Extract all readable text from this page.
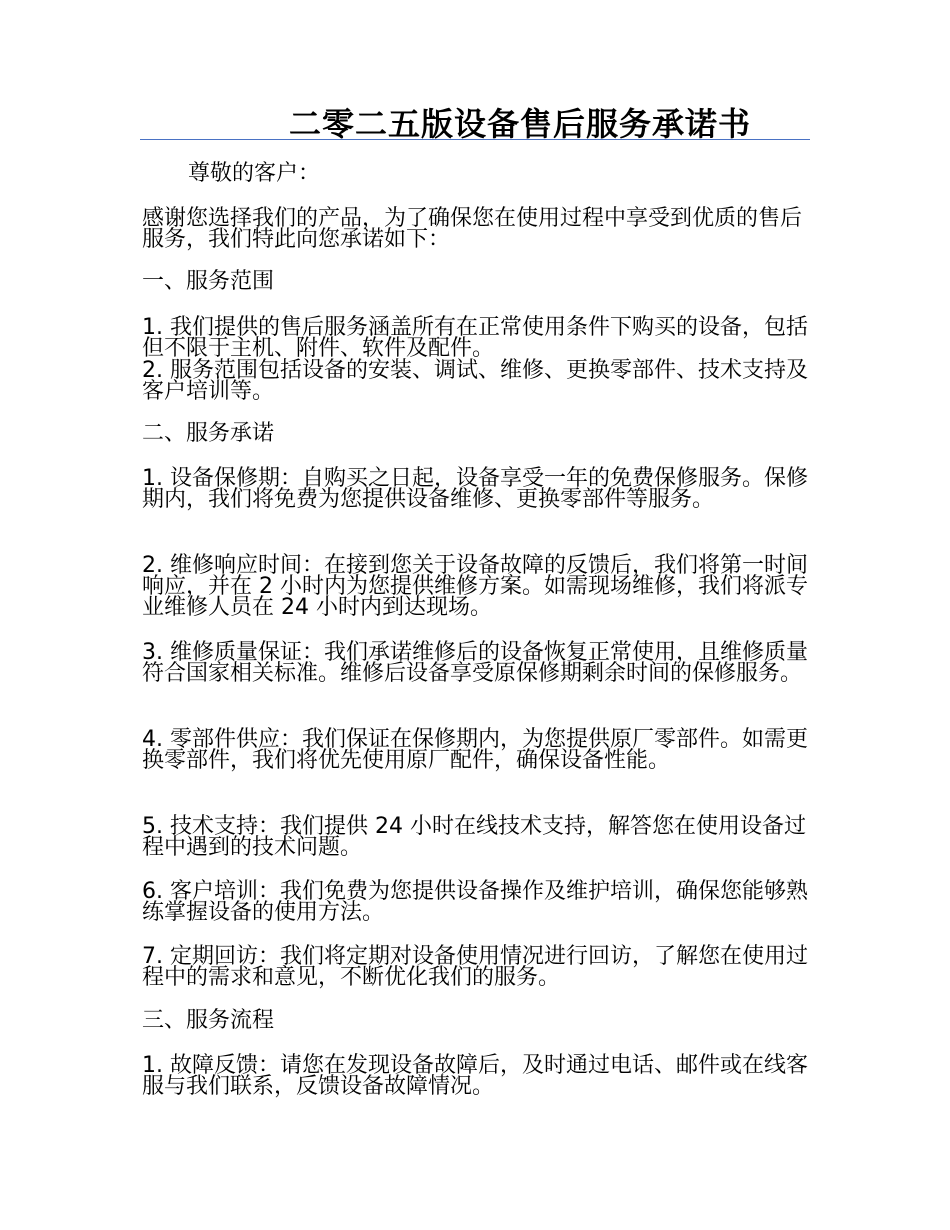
二零二五版设备售后服务承诺书

尊敬的客户：

感谢您选择我们的产品，为了确保您在使用过程中享受到优质的售后服务，我们特此向您承诺如下：

一、服务范围

1. 我们提供的售后服务涵盖所有在正常使用条件下购买的设备，包括但不限于主机、附件、软件及配件。

2. 服务范围包括设备的安装、调试、维修、更换零部件、技术支持及客户培训等。

二、服务承诺

1. 设备保修期：自购买之日起，设备享受一年的免费保修服务。保修期内，我们将免费为您提供设备维修、更换零部件等服务。

2. 维修响应时间：在接到您关于设备故障的反馈后，我们将第一时间响应，并在 2 小时内为您提供维修方案。如需现场维修，我们将派专业维修人员在 24 小时内到达现场。

3. 维修质量保证：我们承诺维修后的设备恢复正常使用，且维修质量符合国家相关标准。维修后设备享受原保修期剩余时间的保修服务。

4. 零部件供应：我们保证在保修期内，为您提供原厂零部件。如需更换零部件，我们将优先使用原厂配件，确保设备性能。

5. 技术支持：我们提供 24 小时在线技术支持，解答您在使用设备过程中遇到的技术问题。

6. 客户培训：我们免费为您提供设备操作及维护培训，确保您能够熟练掌握设备的使用方法。

7. 定期回访：我们将定期对设备使用情况进行回访，了解您在使用过程中的需求和意见，不断优化我们的服务。

三、服务流程

1. 故障反馈：请您在发现设备故障后，及时通过电话、邮件或在线客服与我们联系，反馈设备故障情况。
